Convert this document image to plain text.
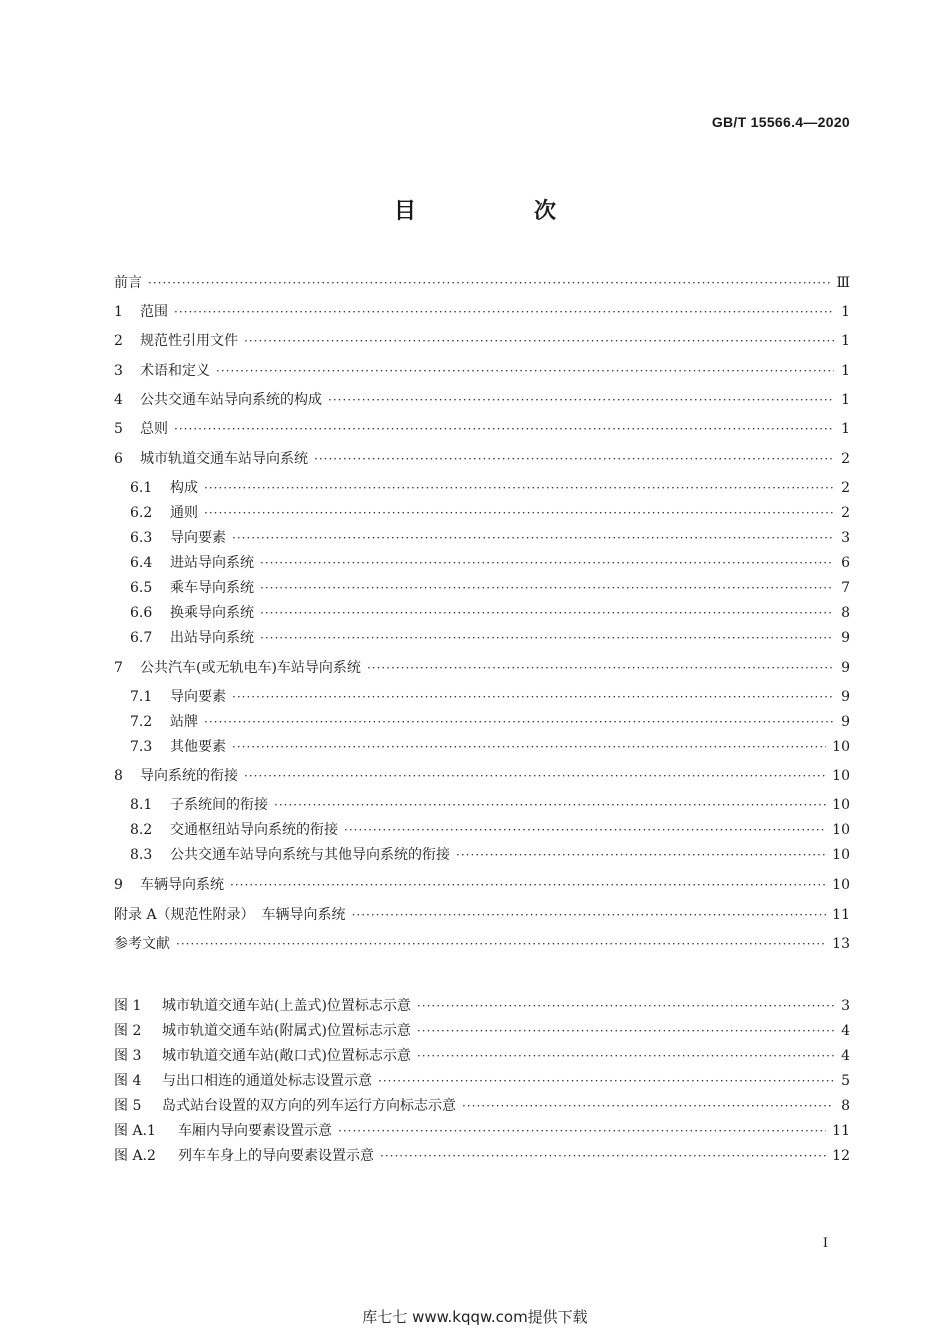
GB/T 15566.4—2020
目　次
前言 ·····	Ⅲ
1	范围 ·····	1
2	规范性引用文件 ·····	1
3	术语和定义 ·····	1
4	公共交通车站导向系统的构成 ·····	1
5	总则 ·····	1
6	城市轨道交通车站导向系统 ·····	2
6.1	构成 ·····	2
6.2	通则 ·····	2
6.3	导向要素 ·····	3
6.4	进站导向系统 ·····	6
6.5	乘车导向系统 ·····	7
6.6	换乘导向系统 ·····	8
6.7	出站导向系统 ·····	9
7	公共汽车(或无轨电车)车站导向系统 ·····	9
7.1	导向要素 ·····	9
7.2	站牌 ·····	9
7.3	其他要素 ·····	10
8	导向系统的衔接 ·····	10
8.1	子系统间的衔接 ·····	10
8.2	交通枢纽站导向系统的衔接 ·····	10
8.3	公共交通车站导向系统与其他导向系统的衔接 ·····	10
9	车辆导向系统 ·····	10
附录 A（规范性附录）　车辆导向系统 ·····	11
参考文献 ·····	13
图 1	城市轨道交通车站(上盖式)位置标志示意 ·····	3
图 2	城市轨道交通车站(附属式)位置标志示意 ·····	4
图 3	城市轨道交通车站(敞口式)位置标志示意 ·····	4
图 4	与出口相连的通道处标志设置示意 ·····	5
图 5	岛式站台设置的双方向的列车运行方向标志示意 ·····	8
图 A.1	车厢内导向要素设置示意 ·····	11
图 A.2	列车车身上的导向要素设置示意 ·····	12
I
库七七 www.kqqw.com提供下载
